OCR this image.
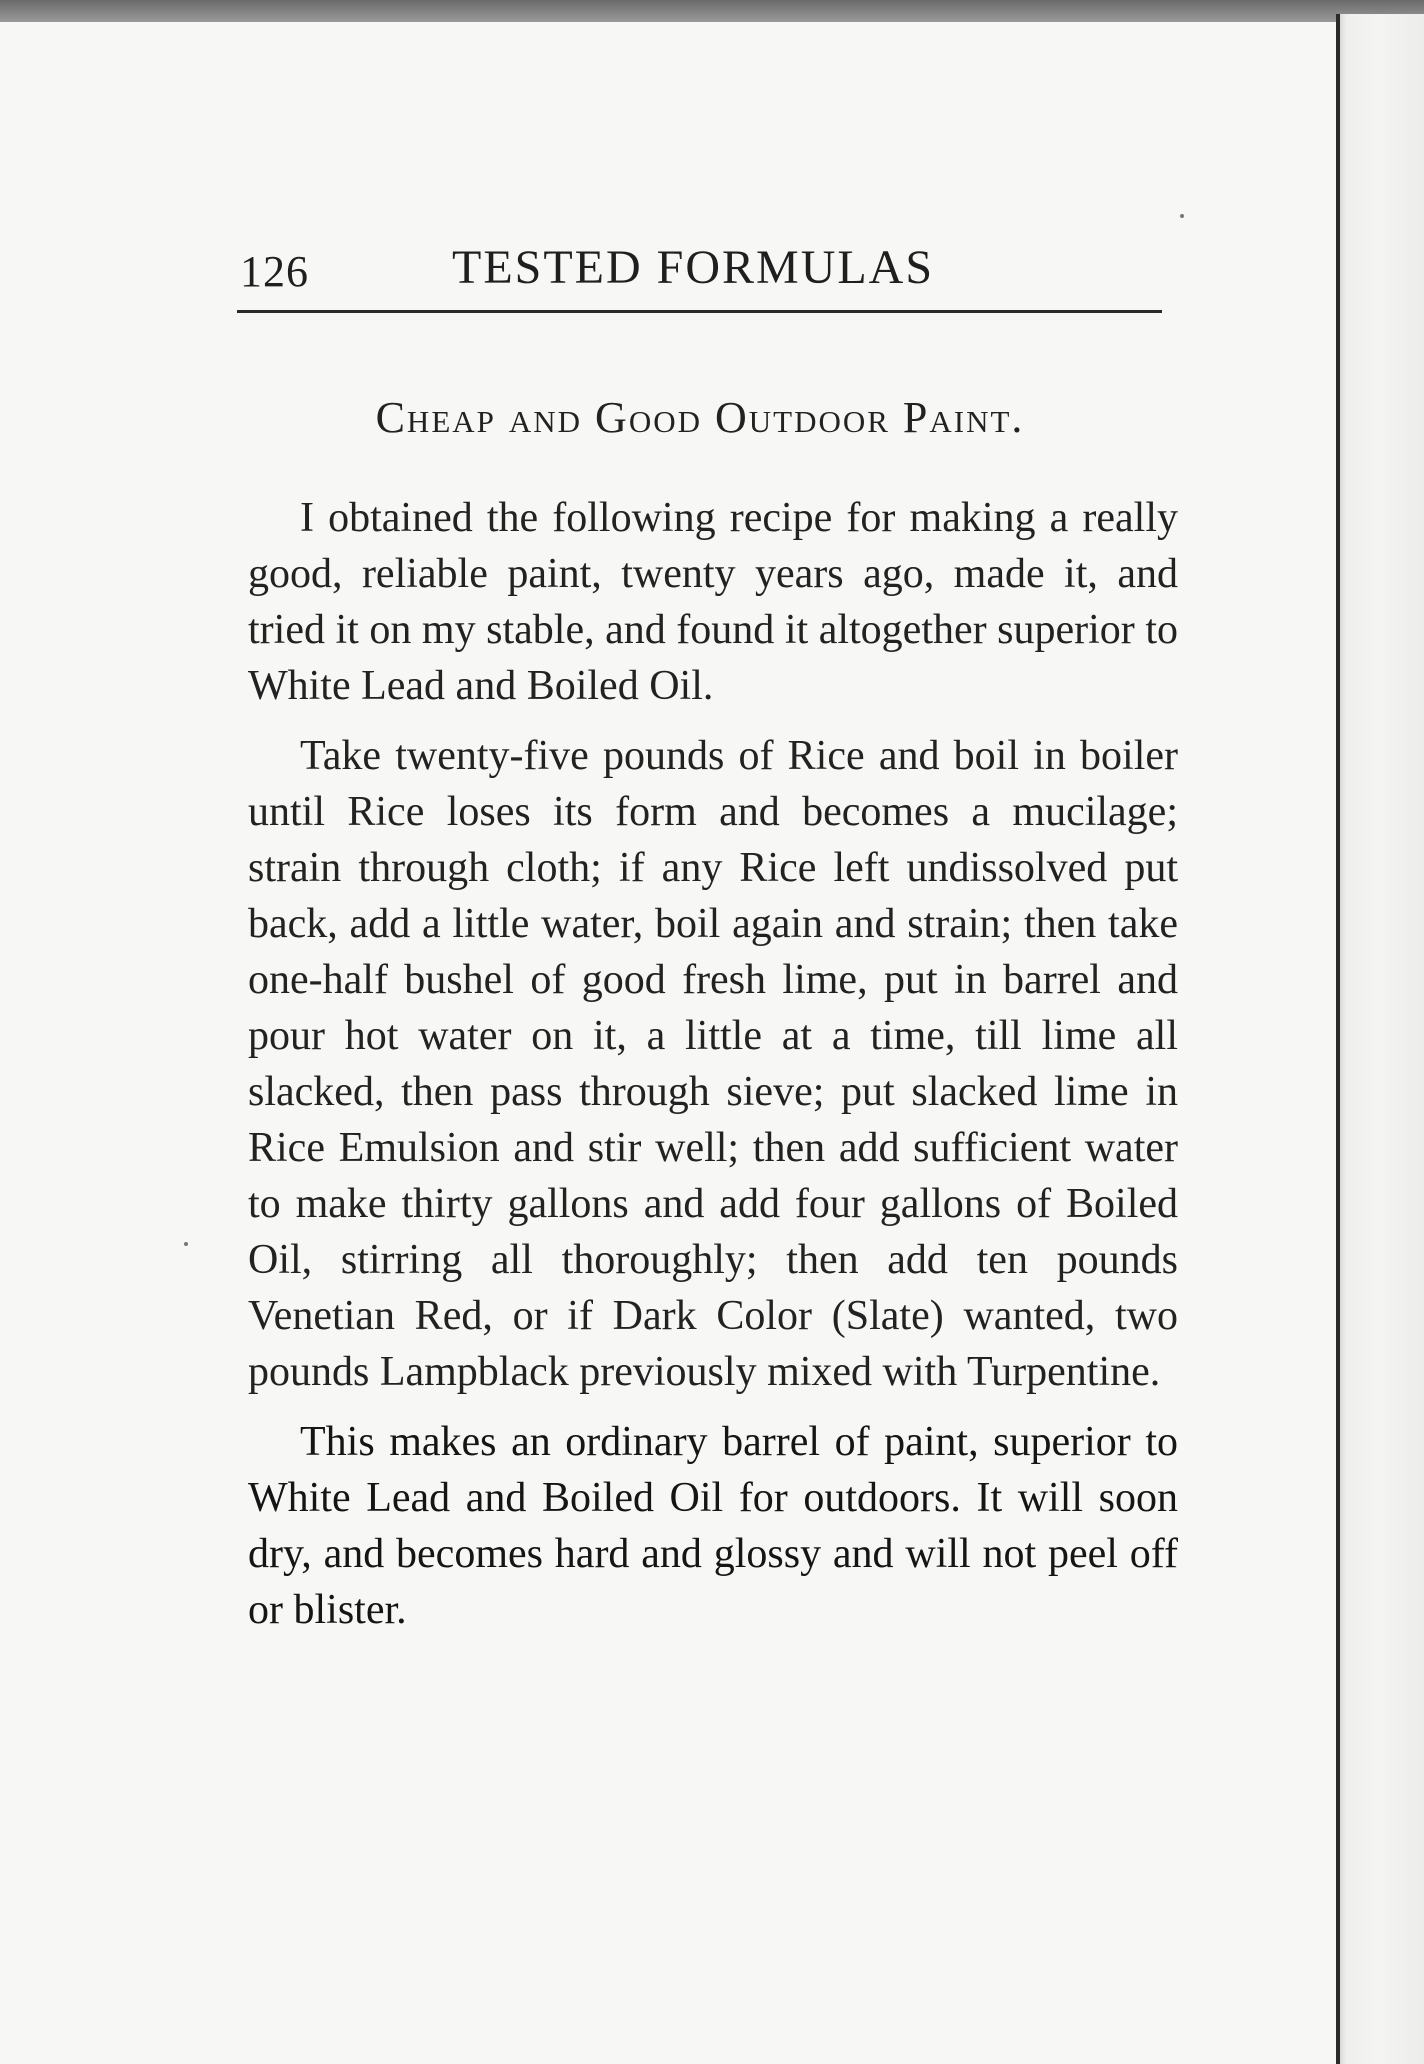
126	TESTED FORMULAS
Cheap and Good Outdoor Paint.

I obtained the following recipe for making a really good, reliable paint, twenty years ago, made it, and tried it on my stable, and found it altogether superior to White Lead and Boiled Oil.

Take twenty-five pounds of Rice and boil in boiler until Rice loses its form and becomes a mucilage; strain through cloth; if any Rice left undissolved put back, add a little water, boil again and strain; then take one-half bushel of good fresh lime, put in barrel and pour hot water on it, a little at a time, till lime all slacked, then pass through sieve; put slacked lime in Rice Emulsion and stir well; then add sufficient water to make thirty gallons and add four gallons of Boiled Oil, stirring all thoroughly; then add ten pounds Venetian Red, or if Dark Color (Slate) wanted, two pounds Lampblack previously mixed with Turpentine.

This makes an ordinary barrel of paint, superior to White Lead and Boiled Oil for outdoors. It will soon dry, and becomes hard and glossy and will not peel off or blister.
